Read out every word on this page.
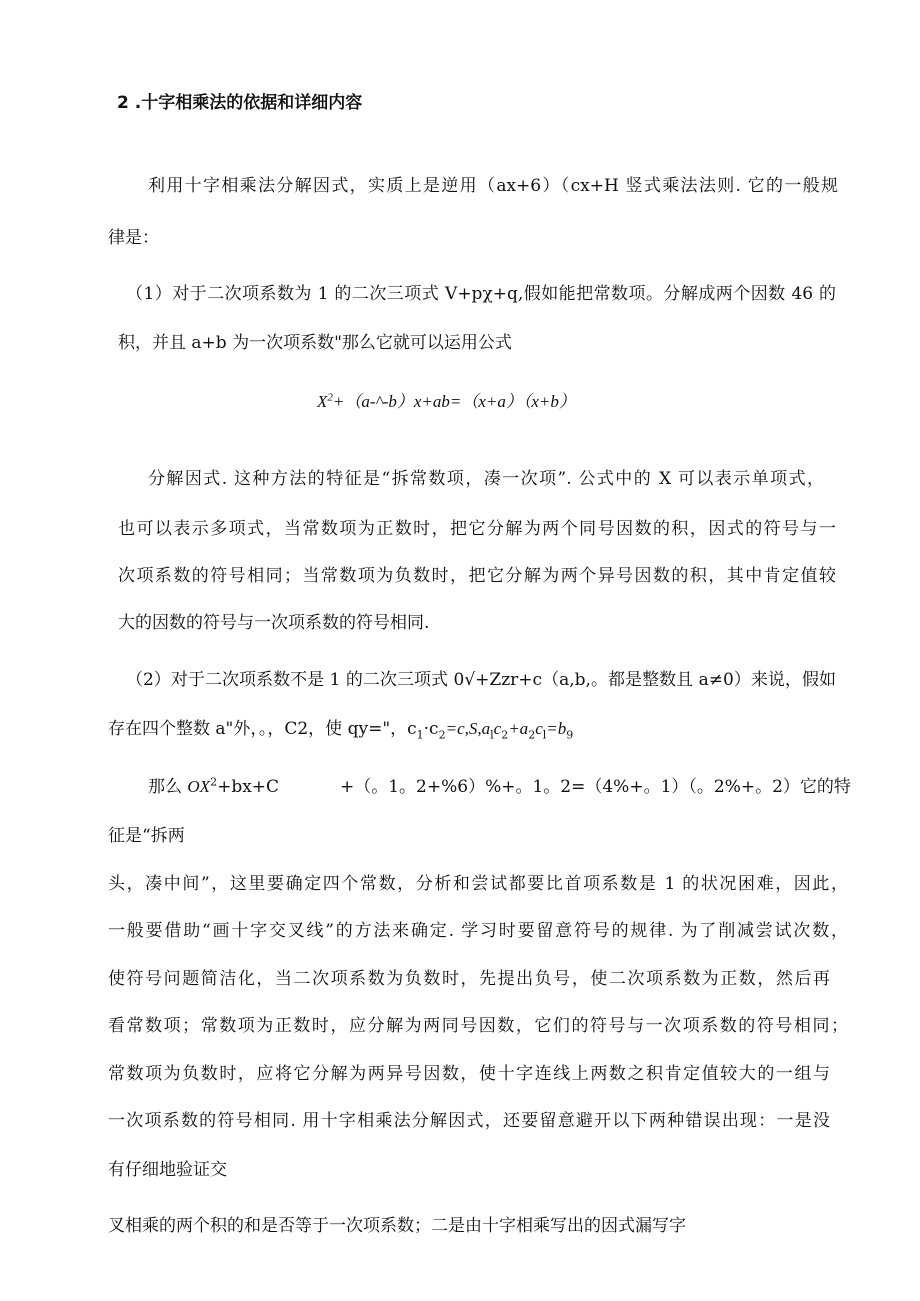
2 .十字相乘法的依据和详细内容
利用十字相乘法分解因式，实质上是逆用（ax+6）（cx+H 竖式乘法法则. 它的一般规
律是：
（1）对于二次项系数为 1 的二次三项式 V+pχ+q,假如能把常数项。分解成两个因数 46 的
积，并且 a+b 为一次项系数"那么它就可以运用公式
$X^2+(a-\^{}-b)x+ab=(x+a)(x+b)$
分解因式. 这种方法的特征是“拆常数项，凑一次项”. 公式中的 X 可以表示单项式，
也可以表示多项式，当常数项为正数时，把它分解为两个同号因数的积，因式的符号与一
次项系数的符号相同；当常数项为负数时，把它分解为两个异号因数的积，其中肯定值较
大的因数的符号与一次项系数的符号相同.
（2）对于二次项系数不是 1 的二次三项式 0√+Zzr+c（a,b,。都是整数且 a≠0）来说，假如
存在四个整数 a"外，。，C2，使 qy="，$c_1\cdot c_2=c,S,a_lc_2+a_2c_l=b_9$
那么 $OX^2+bx+C$	+（。1。2+%6）%+。1。2=（4%+。1）（。2%+。2）它的特
征是“拆两
头，凑中间”，这里要确定四个常数，分析和尝试都要比首项系数是 1 的状况困难，因此，
一般要借助“画十字交叉线”的方法来确定. 学习时要留意符号的规律. 为了削减尝试次数，
使符号问题简洁化，当二次项系数为负数时，先提出负号，使二次项系数为正数，然后再
看常数项；常数项为正数时，应分解为两同号因数，它们的符号与一次项系数的符号相同；
常数项为负数时，应将它分解为两异号因数，使十字连线上两数之积肯定值较大的一组与
一次项系数的符号相同. 用十字相乘法分解因式，还要留意避开以下两种错误出现：一是没
有仔细地验证交
叉相乘的两个积的和是否等于一次项系数；二是由十字相乘写出的因式漏写字
